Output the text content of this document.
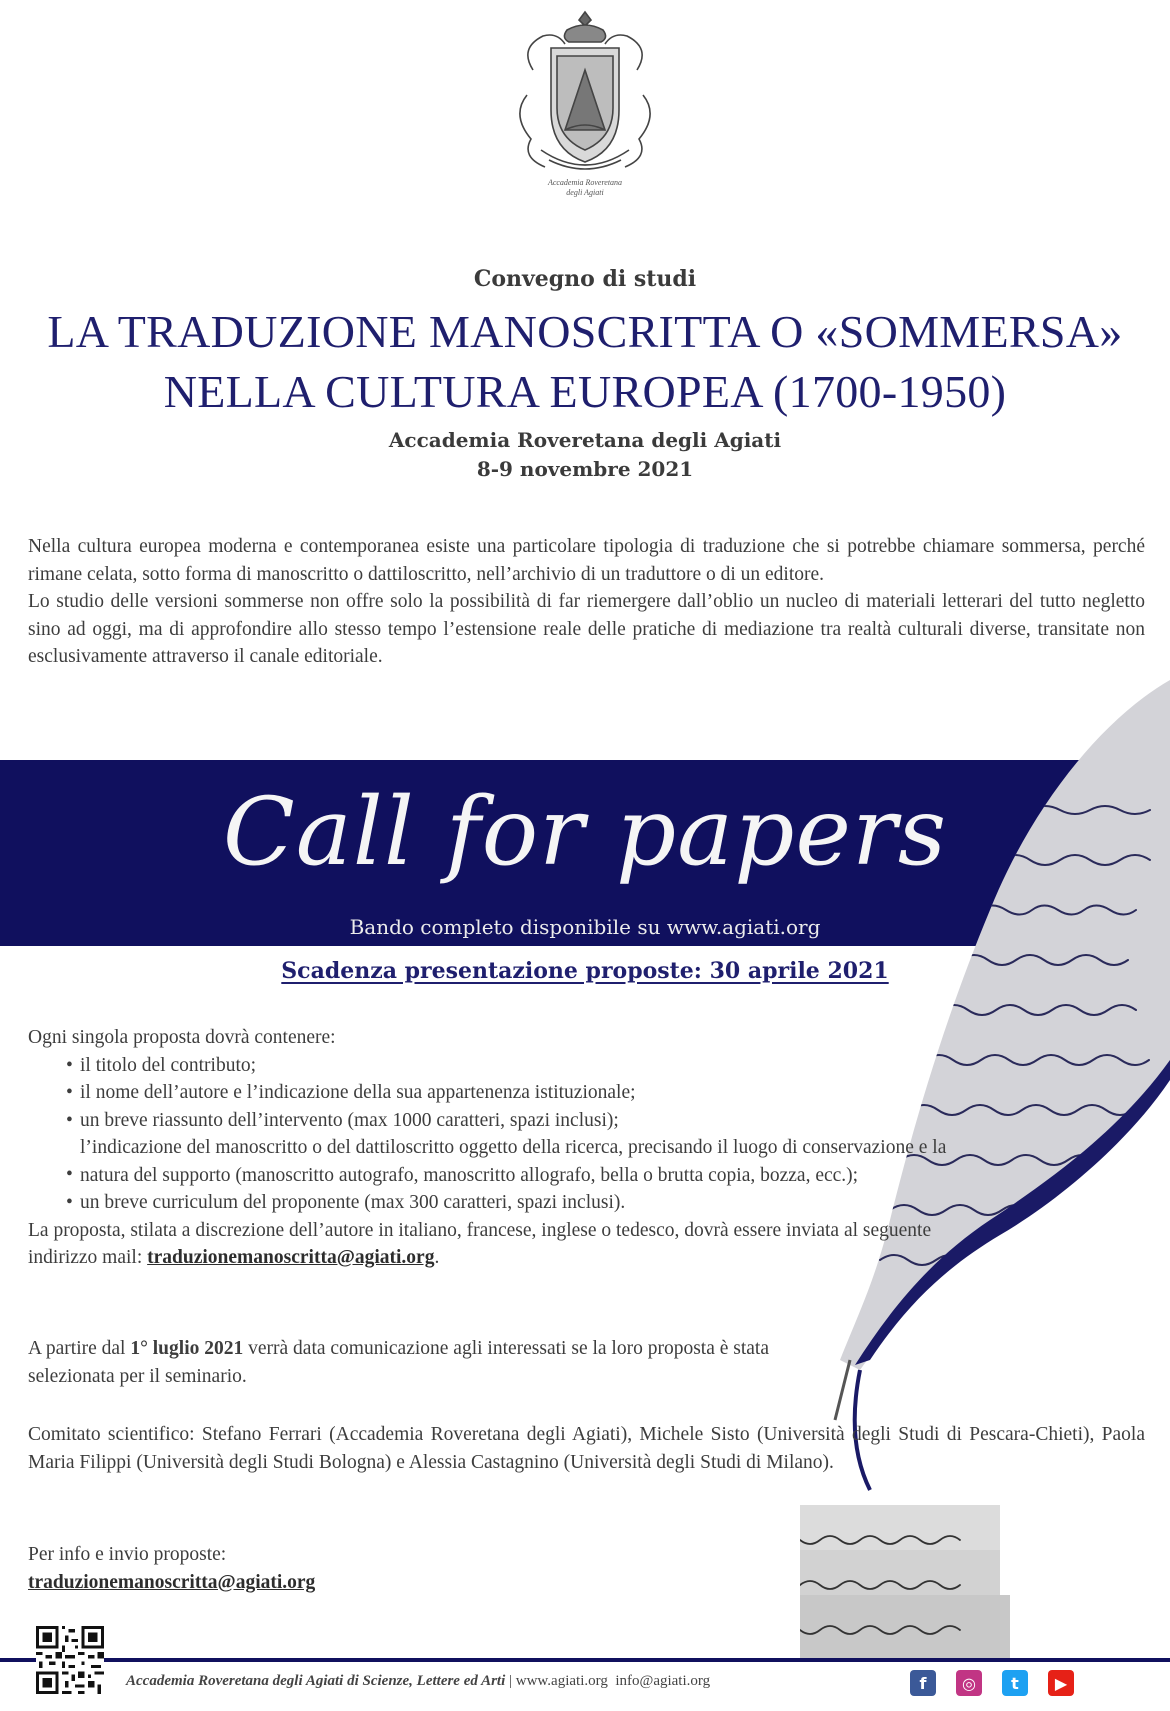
Accademia Roveretana
degli Agiati
Convegno di studi
LA TRADUZIONE MANOSCRITTA O «SOMMERSA»
NELLA CULTURA EUROPEA (1700-1950)
Accademia Roveretana degli Agiati
8-9 novembre 2021

Nella cultura europea moderna e contemporanea esiste una particolare tipologia di traduzione che si potrebbe chiamare sommersa, perché rimane celata, sotto forma di manoscritto o dattiloscritto, nell’archivio di un traduttore o di un editore.

Lo studio delle versioni sommerse non offre solo la possibilità di far riemergere dall’oblio un nucleo di materiali letterari del tutto negletto sino ad oggi, ma di approfondire allo stesso tempo l’estensione reale delle pratiche di mediazione tra realtà culturali diverse, transitate non esclusivamente attraverso il canale editoriale.

Call for papers
Bando completo disponibile su www.agiati.org
Scadenza presentazione proposte: 30 aprile 2021
Ogni singola proposta dovrà contenere:
• il titolo del contributo;
• il nome dell’autore e l’indicazione della sua appartenenza istituzionale;
• un breve riassunto dell’intervento (max 1000 caratteri, spazi inclusi);
• l’indicazione del manoscritto o del dattiloscritto oggetto della ricerca, precisando il luogo di conservazione e la natura del supporto (manoscritto autografo, manoscritto allografo, bella o brutta copia, bozza, ecc.);
• un breve curriculum del proponente (max 300 caratteri, spazi inclusi).
La proposta, stilata a discrezione dell’autore in italiano, francese, inglese o tedesco, dovrà essere inviata al seguente indirizzo mail: traduzionemanoscritta@agiati.org.
A partire dal 1° luglio 2021 verrà data comunicazione agli interessati se la loro proposta è stata selezionata per il seminario.
Comitato scientifico: Stefano Ferrari (Accademia Roveretana degli Agiati), Michele Sisto (Università degli Studi di Pescara-Chieti), Paola Maria Filippi (Università degli Studi Bologna) e Alessia Castagnino (Università degli Studi di Milano).
Per info e invio proposte:
traduzionemanoscritta@agiati.org
Accademia Roveretana degli Agiati di Scienze, Lettere ed Arti | www.agiati.org info@agiati.org	f	◎	t	▶
